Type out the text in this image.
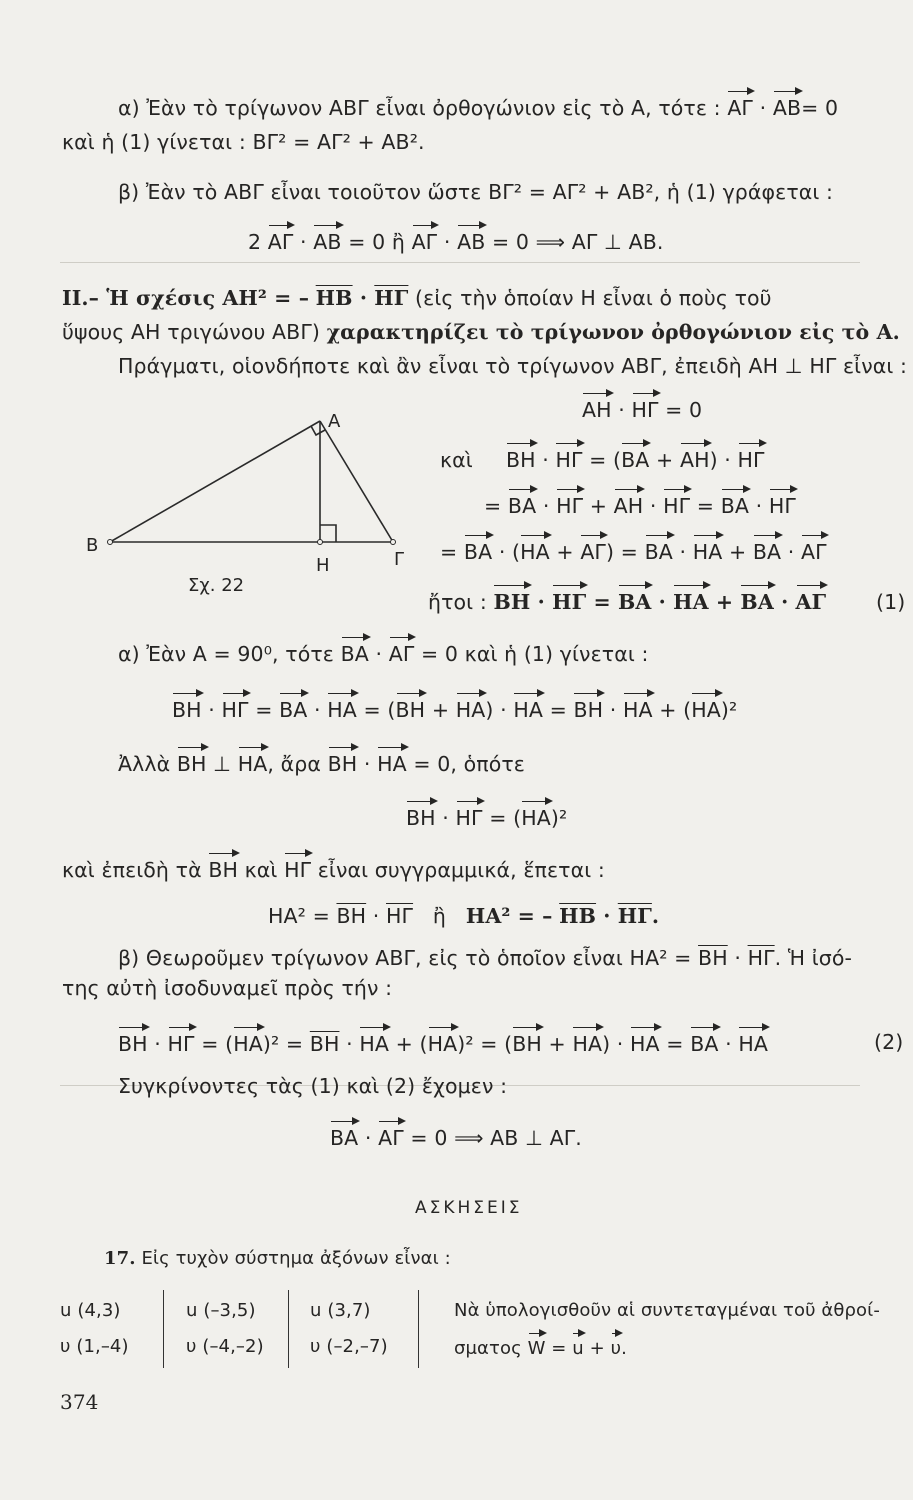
α) Ἐὰν τὸ τρίγωνον ΑΒΓ εἶναι ὀρθογώνιον εἰς τὸ Α, τότε : ΑΓ · ΑΒ= 0
καὶ ἡ (1) γίνεται : ΒΓ² = ΑΓ² + ΑΒ².
β) Ἐὰν τὸ ΑΒΓ εἶναι τοιοῦτον ὥστε ΒΓ² = ΑΓ² + ΑΒ², ἡ (1) γράφεται :
2 ΑΓ · ΑΒ = 0 ἢ ΑΓ · ΑΒ = 0 ⟹ ΑΓ ⊥ ΑΒ.
ΙΙ.– Ἡ σχέσις ΑΗ² = – $\overline{HB} \cdot \overline{H\Gamma}$ (εἰς τὴν ὁποίαν Η εἶναι ὁ ποὺς τοῦ
ὕψους ΑΗ τριγώνου ΑΒΓ) χαρακτηρίζει τὸ τρίγωνον ὀρθογώνιον εἰς τὸ Α.
Πράγματι, οἱονδήποτε καὶ ἂν εἶναι τὸ τρίγωνον ΑΒΓ, ἐπειδὴ ΑΗ ⊥ ΗΓ εἶναι :
ΑΗ · ΗΓ = 0
καὶ ΒΗ · ΗΓ = (ΒΑ + ΑΗ) · ΗΓ
= ΒΑ · ΗΓ + ΑΗ · ΗΓ = ΒΑ · ΗΓ
= ΒΑ · (ΗΑ + ΑΓ) = ΒΑ · ΗΑ + ΒΑ · ΑΓ
ἤτοι : ΒΗ · ΗΓ = ΒΑ · ΗΑ + ΒΑ · ΑΓ (1)
Α
Β
Γ
Η
Σχ. 22
α) Ἐὰν Α = 90⁰, τότε ΒΑ · ΑΓ = 0 καὶ ἡ (1) γίνεται :
ΒΗ · ΗΓ = ΒΑ · ΗΑ = (ΒΗ + ΗΑ) · ΗΑ = ΒΗ · ΗΑ + (ΗΑ)²
Ἀλλὰ ΒΗ ⊥ ΗΑ, ἄρα ΒΗ · ΗΑ = 0, ὁπότε
ΒΗ · ΗΓ = (ΗΑ)²
καὶ ἐπειδὴ τὰ ΒΗ καὶ ΗΓ εἶναι συγγραμμικά, ἕπεται :
$HA^2 = \overline{BH} \cdot \overline{H\Gamma}$   ἢ   ΗΑ² = – $\overline{HB} \cdot \overline{H\Gamma}$.
β) Θεωροῦμεν τρίγωνον ΑΒΓ, εἰς τὸ ὁποῖον εἶναι $HA^2 = \overline{BH} \cdot \overline{H\Gamma}$. Ἡ ἰσό-
της αὐτὴ ἰσοδυναμεῖ πρὸς τήν :
$BH \cdot H\Gamma = (HA)^2 = \overline{BH} \cdot HA + (HA)^2 = (BH + HA) \cdot HA = BA \cdot HA$	(2)
Συγκρίνοντες τὰς (1) καὶ (2) ἔχομεν :
ΒΑ · ΑΓ = 0 ⟹ ΑΒ ⊥ ΑΓ.
ΑΣΚΗΣΕΙΣ
17. Εἰς τυχὸν σύστημα ἀξόνων εἶναι :
u (4,3)
υ (1,–4)
u (–3,5)
υ (–4,–2)
u (3,7)
υ (–2,–7)
Νὰ ὑπολογισθοῦν αἱ συντεταγμέναι τοῦ ἀθροί-
σματος W = u + υ.
374
